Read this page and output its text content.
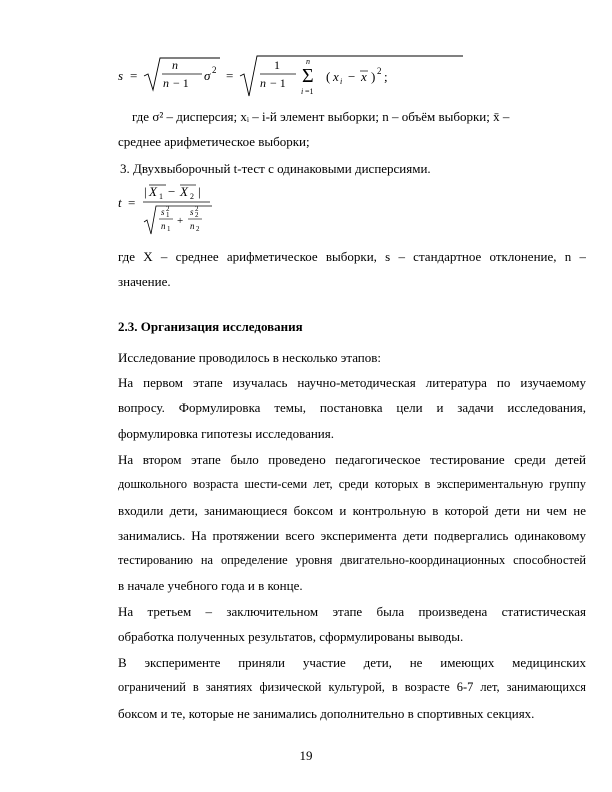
s =
n
n − 1 σ 2 =
1
n − 1 Σ
n
i =1
( x i − x ) 2 ;
где σ² – дисперсия; xᵢ – i-й элемент выборки; n – объём выборки; x̄ –
среднее арифметическое выборки;
3. Двухвыборочный t-тест с одинаковыми дисперсиями.
t =
| X 1 − X 2 |
s 2
1
n 1
+
s 2
2
n 2
где Х – среднее арифметическое выборки, s – стандартное отклонение, n –
значение.
2.3. Организация исследования
Исследование проводилось в несколько этапов:
На первом этапе изучалась научно-методическая литература по изучаемому
вопросу. Формулировка темы, постановка цели и задачи исследования,
формулировка гипотезы исследования.
На втором этапе было проведено педагогическое тестирование среди детей
дошкольного возраста шести-семи лет, среди которых в экспериментальную группу
входили дети, занимающиеся боксом и контрольную в которой дети ни чем не
занимались. На протяжении всего эксперимента дети подвергались одинаковому
тестированию на определение уровня двигательно-координационных способностей
в начале учебного года и в конце.
На третьем – заключительном этапе была произведена статистическая
обработка полученных результатов, сформулированы выводы.
В эксперименте приняли участие дети, не имеющих медицинских
ограничений в занятиях физической культурой, в возрасте 6-7 лет, занимающихся
боксом и те, которые не занимались дополнительно в спортивных секциях.
19
